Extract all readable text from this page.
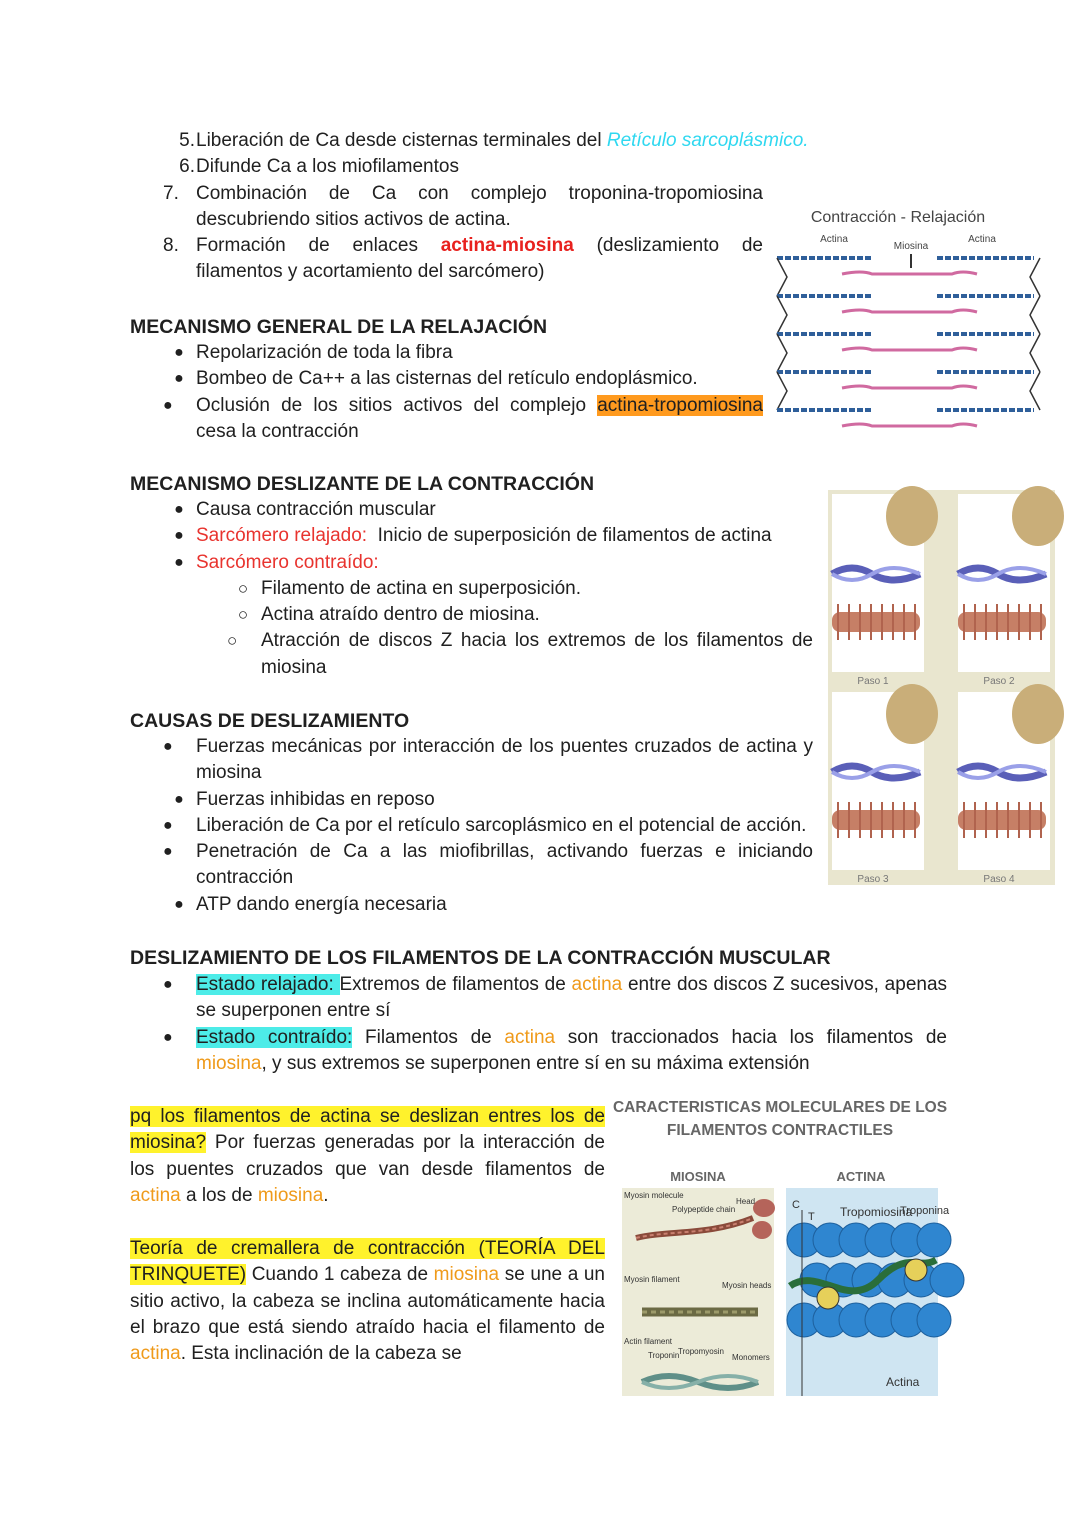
5. Liberación de Ca desde cisternas terminales del Retículo sarcoplásmico.
6. Difunde Ca a los miofilamentos
7. Combinación de Ca con complejo troponina-tropomiosina descubriendo sitios activos de actina.
8. Formación de enlaces actina-miosina (deslizamiento de filamentos y acortamiento del sarcómero)
MECANISMO GENERAL DE LA RELAJACIÓN
● Repolarización de toda la fibra
● Bombeo de Ca++ a las cisternas del retículo endoplásmico.
●	Oclusión de los sitios activos del complejo actina-tropomiosina cesa la contracción
Contracción - Relajación
Actina
Miosina
Actina
MECANISMO DESLIZANTE DE LA CONTRACCIÓN
● Causa contracción muscular
● Sarcómero relajado:  Inicio de superposición de filamentos de actina
● Sarcómero contraído:
○ Filamento de actina en superposición.
○ Actina atraído dentro de miosina.
○	Atracción de discos Z hacia los extremos de los filamentos de miosina
Paso 1	Paso 2
Paso 3	Paso 4
CAUSAS DE DESLIZAMIENTO
●	Fuerzas mecánicas por interacción de los puentes cruzados de actina y miosina
● Fuerzas inhibidas en reposo
●	Liberación de Ca por el retículo sarcoplásmico en el potencial de acción.
●	Penetración de Ca a las miofibrillas, activando fuerzas e iniciando contracción
● ATP dando energía necesaria
DESLIZAMIENTO DE LOS FILAMENTOS DE LA CONTRACCIÓN MUSCULAR
●	Estado relajado: Extremos de filamentos de actina entre dos discos Z sucesivos, apenas se superponen entre sí
●	Estado contraído: Filamentos de actina son traccionados hacia los filamentos de miosina, y sus extremos se superponen entre sí en su máxima extensión
pq los filamentos de actina se deslizan entres los de miosina? Por fuerzas generadas por la interacción de los puentes cruzados que van desde filamentos de actina a los de miosina.
Teoría de cremallera de contracción (TEORÍA DEL TRINQUETE) Cuando 1 cabeza de miosina se une a un sitio activo, la cabeza se inclina automáticamente hacia el brazo que está siendo atraído hacia el filamento de actina. Esta inclinación de la cabeza se
CARACTERISTICAS MOLECULARES DE LOS
FILAMENTOS CONTRACTILES
MIOSINA	ACTINA
Myosin molecule
Polypeptide chain
Head
Myosin filament
Myosin heads
Actin filament
Troponin
Tropomyosin
Monomers
C
T Tropomiosina
Troponina
Actina
